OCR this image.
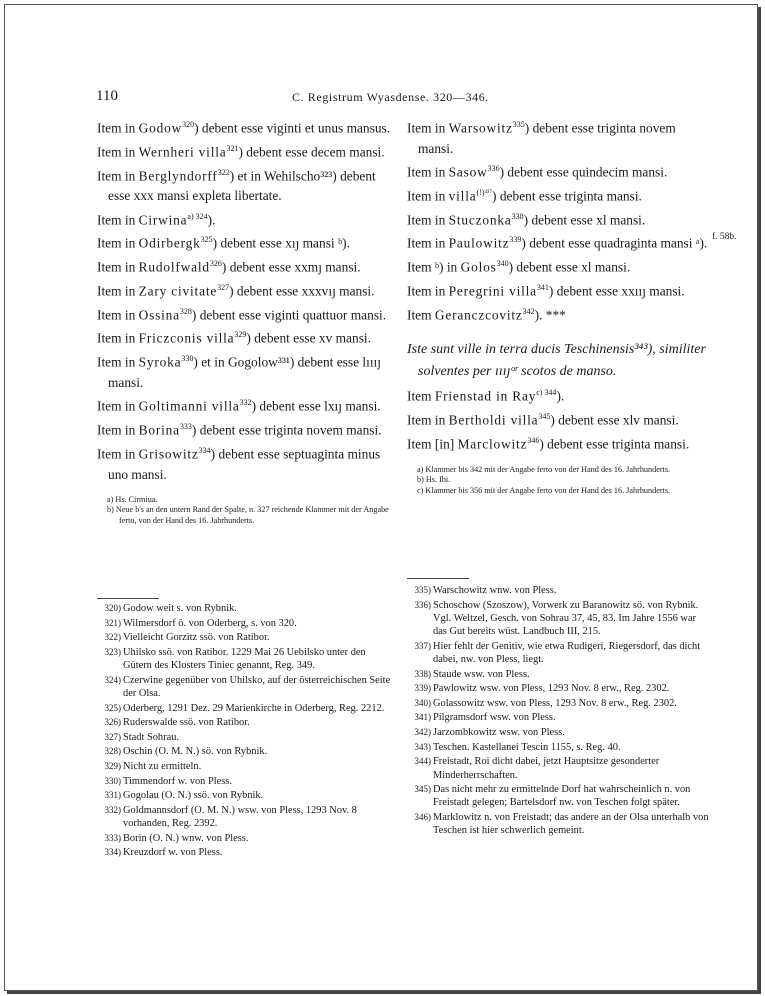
110	C. Registrum Wyasdense. 320—346.
f. 58b.

Item in Godow$^{320}$) debent esse viginti et unus mansus.

Item in Wernheri villa$^{321}$) debent esse decem mansi.

Item in Berglyndorff$^{322}$) et in Wehilscho³²³) debent esse xxx mansi expleta libertate.

Item in Cirwina$^{a) 324}$).

Item in Odirbergk$^{325}$) debent esse xıȷ mansi ᵇ).

Item in Rudolfwald$^{326}$) debent esse xxmȷ mansi.

Item in Zary civitate$^{327}$) debent esse xxxvıȷ mansi.

Item in Ossina$^{328}$) debent esse viginti quattuor mansi.

Item in Friczconis villa$^{329}$) debent esse xv mansi.

Item in Syroka$^{330}$) et in Gogolow³³¹) debent esse lıııȷ mansi.

Item in Goltimanni villa$^{332}$) debent esse lxıȷ mansi.

Item in Borina$^{333}$) debent esse triginta novem mansi.

Item in Grisowitz$^{334}$) debent esse septuaginta minus uno mansi.

a) Hs. Cirmiua.
b) Neue b's an den untern Rand der Spalte, n. 327 reichende Klammer mit der Angabe ferto, von der Hand des 16. Jahrhunderts.

Item in Warsowitz$^{335}$) debent esse triginta novem mansi.

Item in Sasow$^{336}$) debent esse quindecim mansi.

Item in villa$^{(!)^{337}}$) debent esse triginta mansi.

Item in Stuczonka$^{338}$) debent esse xl mansi.

Item in Paulowitz$^{339}$) debent esse quadraginta mansi ᵃ).

Item ᵇ) in Golos$^{340}$) debent esse xl mansi.

Item in Peregrini villa$^{341}$) debent esse xxııȷ mansi.

Item Geranczcovitz$^{342}$). ***

Iste sunt ville in terra ducis Teschinensis³⁴³), similiter solventes per ıııȷᵒʳ scotos de manso.

Item Frienstad in Ray$^{c) 344}$).

Item in Bertholdi villa$^{345}$) debent esse xlv mansi.

Item [in] Marclowitz$^{346}$) debent esse triginta mansi.

a) Klammer bis 342 mit der Angabe ferto von der Hand des 16. Jahrhunderts.
b) Hs. Ibi.
c) Klammer bis 356 mit der Angabe ferto von der Hand des 16. Jahrhunderts.
320) Godow weit s. von Rybnik.
321) Wilmersdorf ö. von Oderberg, s. von 320.
322) Vielleicht Gorzitz ssö. von Ratibor.
323) Uhilsko ssö. von Ratibor. 1229 Mai 26 Uebilsko unter den Gütern des Klosters Tiniec genannt, Reg. 349.
324) Czerwine gegenüber von Uhilsko, auf der österreichischen Seite der Olsa.
325) Oderberg, 1291 Dez. 29 Marienkirche in Oderberg, Reg. 2212.
326) Ruderswalde ssö. von Ratibor.
327) Stadt Sohrau.
328) Oschin (O. M. N.) sö. von Rybnik.
329) Nicht zu ermitteln.
330) Timmendorf w. von Pless.
331) Gogolau (O. N.) ssö. von Rybnik.
332) Goldmannsdorf (O. M. N.) wsw. von Pless, 1293 Nov. 8 vorhanden, Reg. 2392.
333) Borin (O. N.) wnw. von Pless.
334) Kreuzdorf w. von Pless.
335) Warschowitz wnw. von Pless.
336) Schoschow (Szoszow), Vorwerk zu Baranowitz sö. von Rybnik. Vgl. Weltzel, Gesch. von Sohrau 37, 45, 83. Im Jahre 1556 war das Gut bereits wüst. Landbuch III, 215.
337) Hier fehlt der Genitiv, wie etwa Rudigeri, Riegersdorf, das dicht dabei, nw. von Pless, liegt.
338) Staude wsw. von Pless.
339) Pawlowitz wsw. von Pless, 1293 Nov. 8 erw., Reg. 2302.
340) Golassowitz wsw. von Pless, 1293 Nov. 8 erw., Reg. 2302.
341) Pilgramsdorf wsw. von Pless.
342) Jarzombkowitz wsw. von Pless.
343) Teschen. Kastellanei Tescin 1155, s. Reg. 40.
344) Freistadt, Roi dicht dabei, jetzt Hauptsitze gesonderter Minderherrschaften.
345) Das nicht mehr zu ermittelnde Dorf hat wahrscheinlich n. von Freistadt gelegen; Bartelsdorf nw. von Teschen folgt später.
346) Marklowitz n. von Freistadt; das andere an der Olsa unterhalb von Teschen ist hier schwerlich gemeint.
